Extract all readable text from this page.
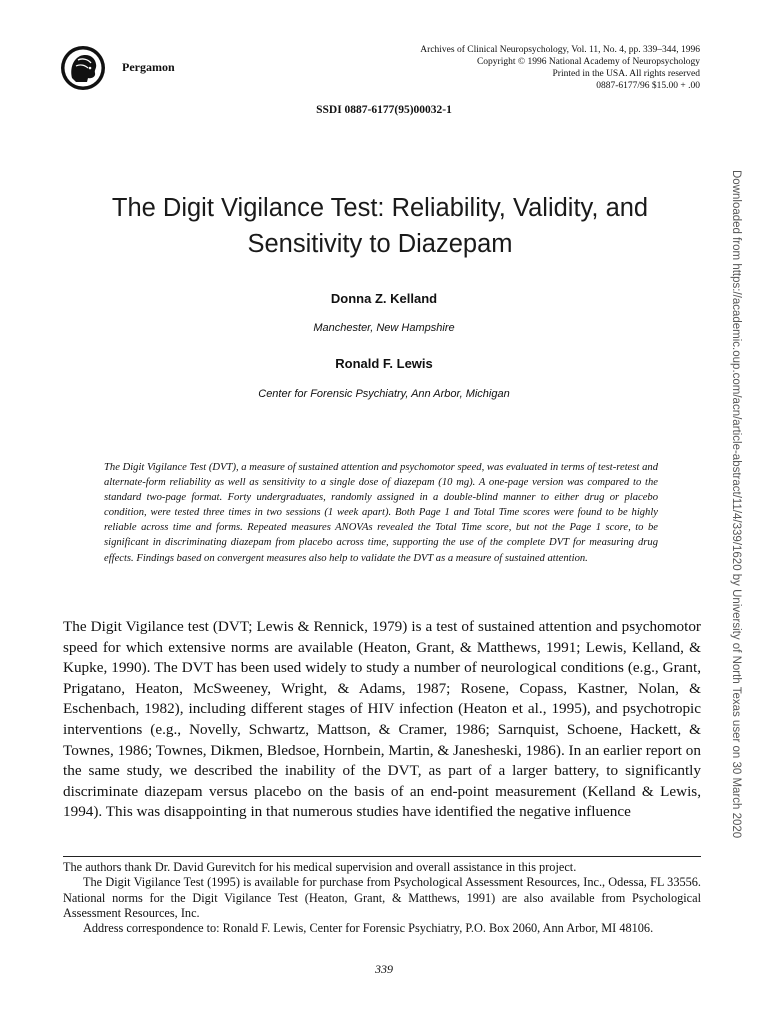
Pergamon
Archives of Clinical Neuropsychology, Vol. 11, No. 4, pp. 339–344, 1996
Copyright © 1996 National Academy of Neuropsychology
Printed in the USA. All rights reserved
0887-6177/96 $15.00 + .00
SSDI 0887-6177(95)00032-1
The Digit Vigilance Test: Reliability, Validity, and
Sensitivity to Diazepam
Donna Z. Kelland
Manchester, New Hampshire
Ronald F. Lewis
Center for Forensic Psychiatry, Ann Arbor, Michigan
The Digit Vigilance Test (DVT), a measure of sustained attention and psychomotor speed, was evaluated in terms of test-retest and alternate-form reliability as well as sensitivity to a single dose of diazepam (10 mg). A one-page version was compared to the standard two-page format. Forty undergraduates, randomly assigned in a double-blind manner to either drug or placebo condition, were tested three times in two sessions (1 week apart). Both Page 1 and Total Time scores were found to be highly reliable across time and forms. Repeated measures ANOVAs revealed the Total Time score, but not the Page 1 score, to be significant in discriminating diazepam from placebo across time, supporting the use of the complete DVT for measuring drug effects. Findings based on convergent measures also help to validate the DVT as a measure of sustained attention.
The Digit Vigilance test (DVT; Lewis & Rennick, 1979) is a test of sustained attention and psychomotor speed for which extensive norms are available (Heaton, Grant, & Matthews, 1991; Lewis, Kelland, & Kupke, 1990). The DVT has been used widely to study a number of neurological conditions (e.g., Grant, Prigatano, Heaton, McSweeney, Wright, & Adams, 1987; Rosene, Copass, Kastner, Nolan, & Eschenbach, 1982), including different stages of HIV infection (Heaton et al., 1995), and psychotropic interventions (e.g., Novelly, Schwartz, Mattson, & Cramer, 1986; Sarnquist, Schoene, Hackett, & Townes, 1986; Townes, Dikmen, Bledsoe, Hornbein, Martin, & Janesheski, 1986). In an earlier report on the same study, we described the inability of the DVT, as part of a larger battery, to significantly discriminate diazepam versus placebo on the basis of an end-point measurement (Kelland & Lewis, 1994). This was disappointing in that numerous studies have identified the negative influence

The authors thank Dr. David Gurevitch for his medical supervision and overall assistance in this project.

The Digit Vigilance Test (1995) is available for purchase from Psychological Assessment Resources, Inc., Odessa, FL 33556. National norms for the Digit Vigilance Test (Heaton, Grant, & Matthews, 1991) are also available from Psychological Assessment Resources, Inc.

Address correspondence to: Ronald F. Lewis, Center for Forensic Psychiatry, P.O. Box 2060, Ann Arbor, MI 48106.

339
Downloaded from https://academic.oup.com/acn/article-abstract/11/4/339/1620 by University of North Texas user on 30 March 2020
